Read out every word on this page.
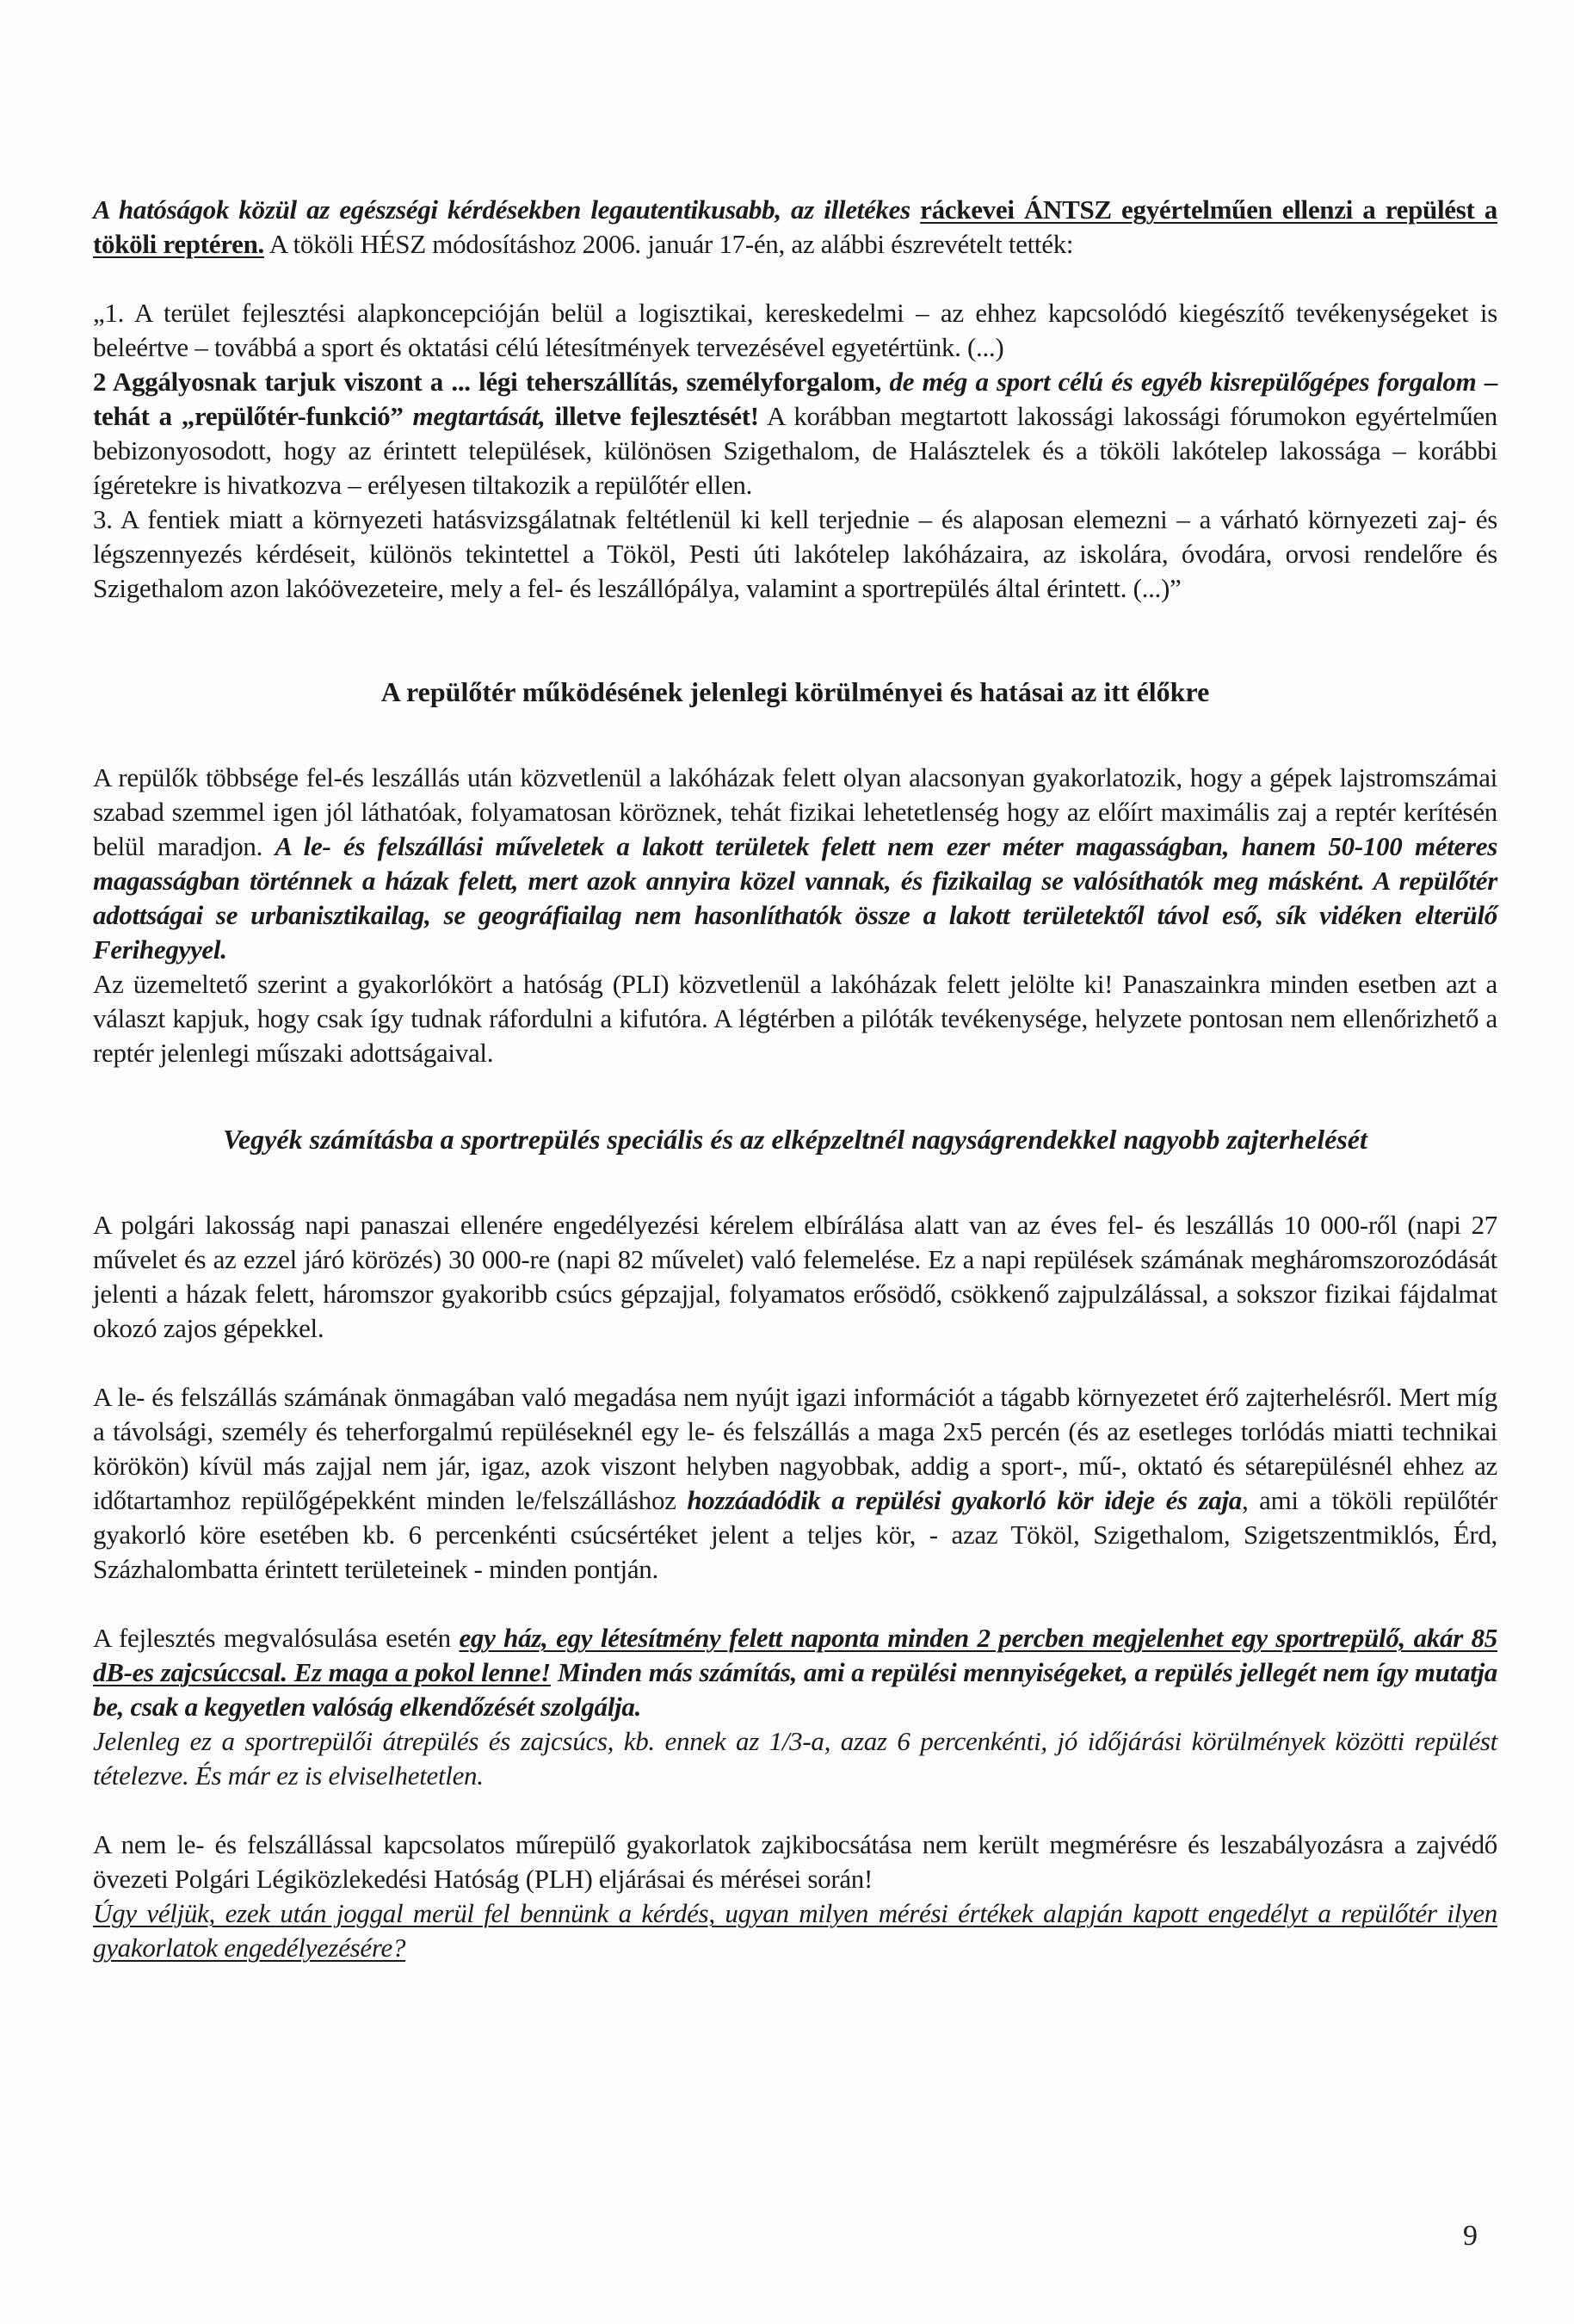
A hatóságok közül az egészségi kérdésekben legautentikusabb, az illetékes ráckevei ÁNTSZ egyértelműen ellenzi a repülést a tököli reptéren. A tököli HÉSZ módosításhoz 2006. január 17-én, az alábbi észrevételt tették:

„1. A terület fejlesztési alapkoncepcióján belül a logisztikai, kereskedelmi – az ehhez kapcsolódó kiegészítő tevékenységeket is beleértve – továbbá a sport és oktatási célú létesítmények tervezésével egyetértünk. (...)

2 Aggályosnak tarjuk viszont a ... légi teherszállítás, személyforgalom, de még a sport célú és egyéb kisrepülőgépes forgalom – tehát a „repülőtér-funkció” megtartását, illetve fejlesztését! A korábban megtartott lakossági lakossági fórumokon egyértelműen bebizonyosodott, hogy az érintett települések, különösen Szigethalom, de Halásztelek és a tököli lakótelep lakossága – korábbi ígéretekre is hivatkozva – erélyesen tiltakozik a repülőtér ellen.

3. A fentiek miatt a környezeti hatásvizsgálatnak feltétlenül ki kell terjednie – és alaposan elemezni – a várható környezeti zaj- és légszennyezés kérdéseit, különös tekintettel a Tököl, Pesti úti lakótelep lakóházaira, az iskolára, óvodára, orvosi rendelőre és Szigethalom azon lakóövezeteire, mely a fel- és leszállópálya, valamint a sportrepülés által érintett. (...)”

A repülőtér működésének jelenlegi körülményei és hatásai az itt élőkre

A repülők többsége fel-és leszállás után közvetlenül a lakóházak felett olyan alacsonyan gyakorlatozik, hogy a gépek lajstromszámai szabad szemmel igen jól láthatóak, folyamatosan köröznek, tehát fizikai lehetetlenség hogy az előírt maximális zaj a reptér kerítésén belül maradjon. A le- és felszállási műveletek a lakott területek felett nem ezer méter magasságban, hanem 50-100 méteres magasságban történnek a házak felett, mert azok annyira közel vannak, és fizikailag se valósíthatók meg másként. A repülőtér adottságai se urbanisztikailag, se geográfiailag nem hasonlíthatók össze a lakott területektől távol eső, sík vidéken elterülő Ferihegyyel.

Az üzemeltető szerint a gyakorlókört a hatóság (PLI) közvetlenül a lakóházak felett jelölte ki! Panaszainkra minden esetben azt a választ kapjuk, hogy csak így tudnak ráfordulni a kifutóra. A légtérben a pilóták tevékenysége, helyzete pontosan nem ellenőrizhető a reptér jelenlegi műszaki adottságaival.

Vegyék számításba a sportrepülés speciális és az elképzeltnél nagyságrendekkel nagyobb zajterhelését

A polgári lakosság napi panaszai ellenére engedélyezési kérelem elbírálása alatt van az éves fel- és leszállás 10 000-ről (napi 27 művelet és az ezzel járó körözés) 30 000-re (napi 82 művelet) való felemelése. Ez a napi repülések számának megháromszorozódását jelenti a házak felett, háromszor gyakoribb csúcs gépzajjal, folyamatos erősödő, csökkenő zajpulzálással, a sokszor fizikai fájdalmat okozó zajos gépekkel.

A le- és felszállás számának önmagában való megadása nem nyújt igazi információt a tágabb környezetet érő zajterhelésről. Mert míg a távolsági, személy és teherforgalmú repüléseknél egy le- és felszállás a maga 2x5 percén (és az esetleges torlódás miatti technikai körökön) kívül más zajjal nem jár, igaz, azok viszont helyben nagyobbak, addig a sport-, mű-, oktató és sétarepülésnél ehhez az időtartamhoz repülőgépekként minden le/felszálláshoz hozzáadódik a repülési gyakorló kör ideje és zaja, ami a tököli repülőtér gyakorló köre esetében kb. 6 percenkénti csúcsértéket jelent a teljes kör, - azaz Tököl, Szigethalom, Szigetszentmiklós, Érd, Százhalombatta érintett területeinek - minden pontján.

A fejlesztés megvalósulása esetén egy ház, egy létesítmény felett naponta minden 2 percben megjelenhet egy sportrepülő, akár 85 dB-es zajcsúccsal. Ez maga a pokol lenne! Minden más számítás, ami a repülési mennyiségeket, a repülés jellegét nem így mutatja be, csak a kegyetlen valóság elkendőzését szolgálja.

Jelenleg ez a sportrepülői átrepülés és zajcsúcs, kb. ennek az 1/3-a, azaz 6 percenkénti, jó időjárási körülmények közötti repülést tételezve. És már ez is elviselhetetlen.

A nem le- és felszállással kapcsolatos műrepülő gyakorlatok zajkibocsátása nem került megmérésre és leszabályozásra a zajvédő övezeti Polgári Légiközlekedési Hatóság (PLH) eljárásai és mérései során!

Úgy véljük, ezek után joggal merül fel bennünk a kérdés, ugyan milyen mérési értékek alapján kapott engedélyt a repülőtér ilyen gyakorlatok engedélyezésére?

9
